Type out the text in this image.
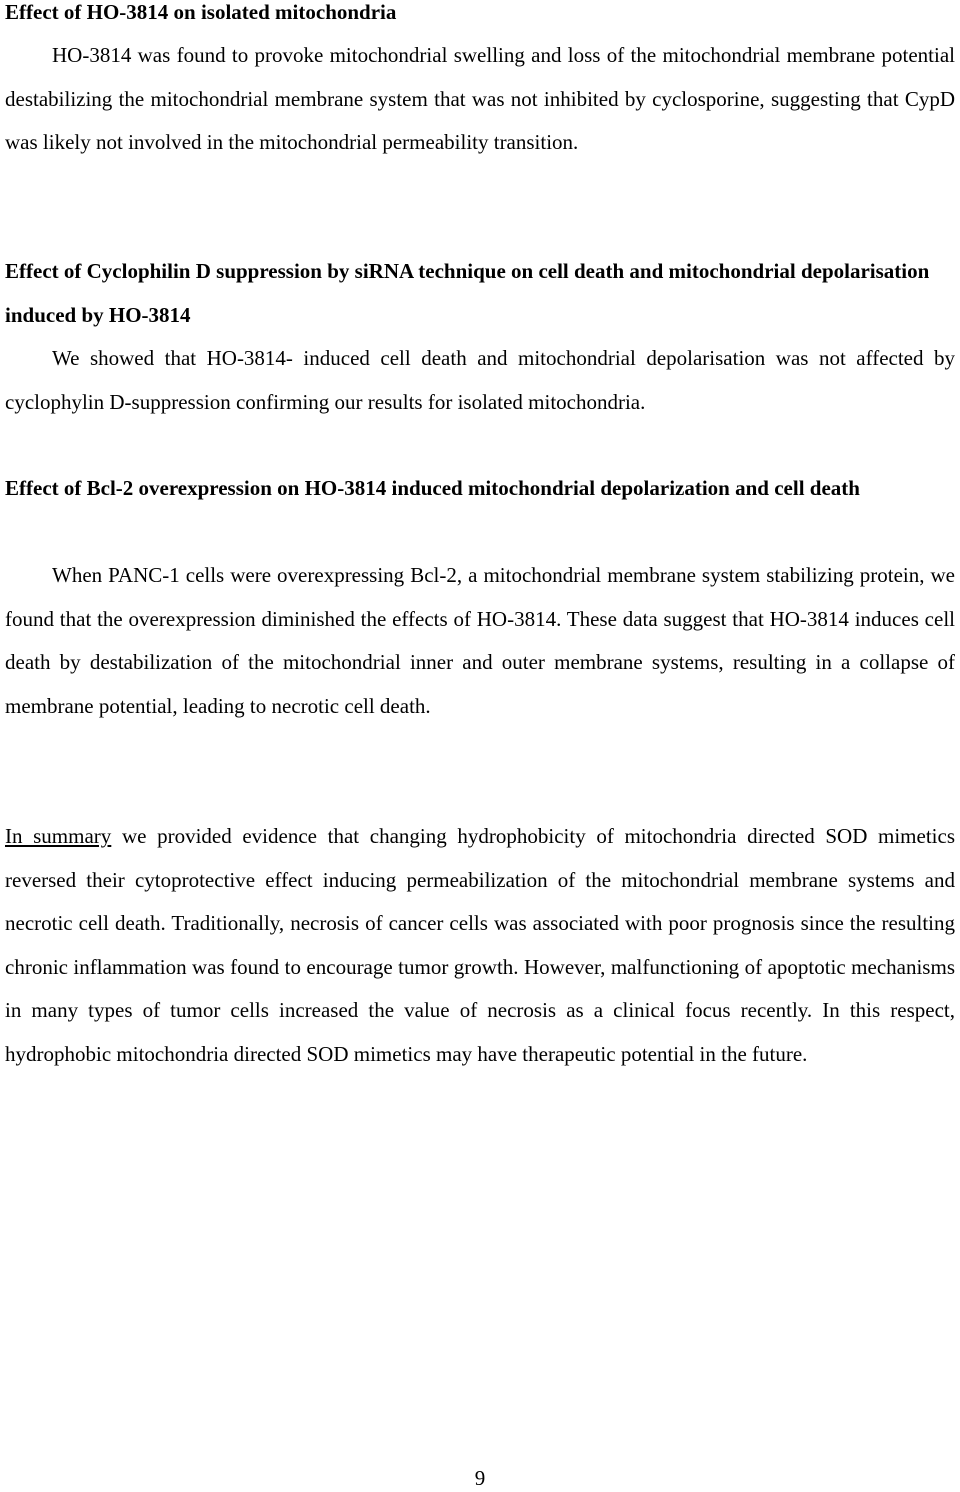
Effect of HO-3814 on isolated mitochondria
HO-3814 was found to provoke mitochondrial swelling and loss of the mitochondrial membrane potential destabilizing the mitochondrial membrane system that was not inhibited by cyclosporine, suggesting that CypD was likely not involved in the mitochondrial permeability transition.
Effect of Cyclophilin D suppression by siRNA technique on cell death and mitochondrial depolarisation induced by HO-3814
We showed that HO-3814- induced cell death and mitochondrial depolarisation was not affected by cyclophylin D-suppression confirming our results for isolated mitochondria.
Effect of Bcl-2 overexpression on HO-3814 induced mitochondrial depolarization and cell death
When PANC-1 cells were overexpressing Bcl-2, a mitochondrial membrane system stabilizing protein, we found that the overexpression diminished the effects of HO-3814. These data suggest that HO-3814 induces cell death by destabilization of the mitochondrial inner and outer membrane systems, resulting in a collapse of membrane potential, leading to necrotic cell death.
In summary we provided evidence that changing hydrophobicity of mitochondria directed SOD mimetics reversed their cytoprotective effect inducing permeabilization of the mitochondrial membrane systems and necrotic cell death. Traditionally, necrosis of cancer cells was associated with poor prognosis since the resulting chronic inflammation was found to encourage tumor growth. However, malfunctioning of apoptotic mechanisms in many types of tumor cells increased the value of necrosis as a clinical focus recently. In this respect, hydrophobic mitochondria directed SOD mimetics may have therapeutic potential in the future.
9
